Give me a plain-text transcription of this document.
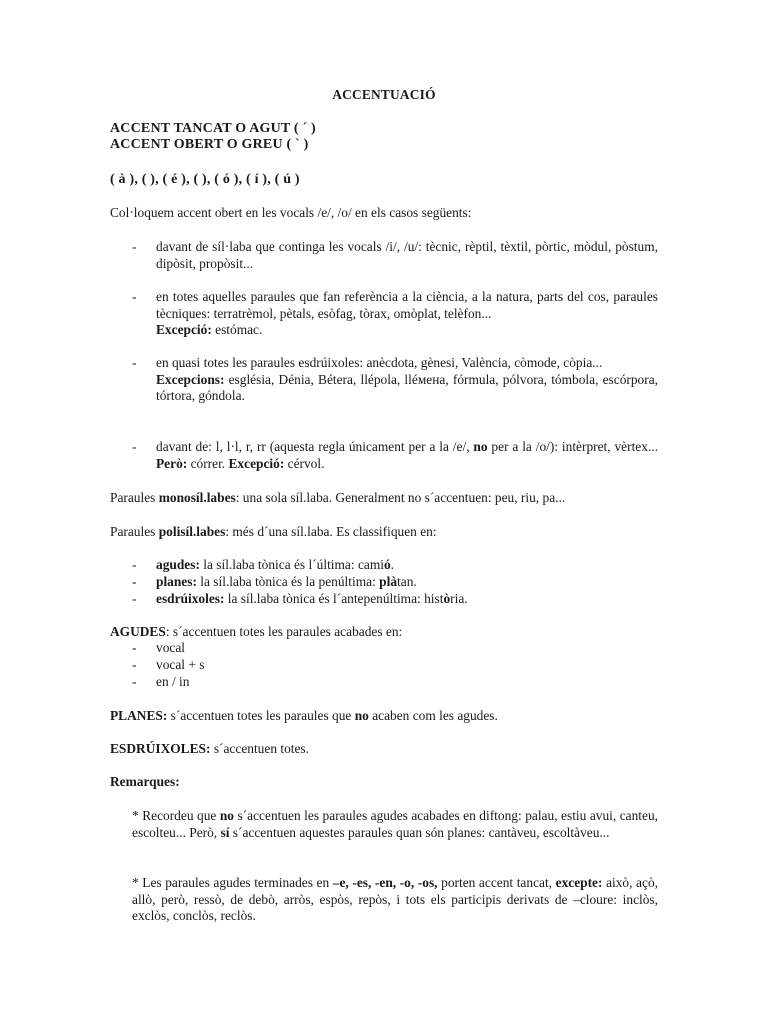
ACCENTUACIÓ

ACCENT TANCAT O AGUT ( ´ )

ACCENT OBERT O GREU ( ` )

( à ), ( ), ( é ), ( ), ( ó ), ( í ), ( ú )

Col·loquem accent obert en les vocals /e/, /o/ en els casos següents:

- davant de síl·laba que continga les vocals /i/, /u/: tècnic, rèptil, tèxtil, pòrtic, mòdul, pòstum, dipòsit, propòsit...
- en totes aquelles paraules que fan referència a la ciència, a la natura, parts del cos, paraules tècniques: terratrèmol, pètals, esòfag, tòrax, omòplat, telèfon...
Excepció: estómac.
- en quasi totes les paraules esdrúixoles: anècdota, gènesi, València, còmode, còpia...
Excepcions: església, Dénia, Bétera, llépola, lléмена, fórmula, pólvora, tómbola, escórpora, tórtora, góndola.
- davant de: l, l·l, r, rr (aquesta regla únicament per a la /e/, no per a la /o/): intèrpret, vèrtex... Però: córrer. Excepció: cérvol.

Paraules monosíl.labes: una sola síl.laba. Generalment no s´accentuen: peu, riu, pa...

Paraules polisíl.labes: més d´una síl.laba. Es classifiquen en:

- agudes: la síl.laba tònica és l´última: camió.
- planes: la síl.laba tònica és la penúltima: plàtan.
- esdrúixoles: la síl.laba tònica és l´antepenúltima: història.

AGUDES: s´accentuen totes les paraules acabades en:

- vocal
- vocal + s
- en / in

PLANES: s´accentuen totes les paraules que no acaben com les agudes.

ESDRÚIXOLES: s´accentuen totes.

Remarques:

* Recordeu que no s´accentuen les paraules agudes acabades en diftong: palau, estiu avui, canteu, escolteu... Però, sí s´accentuen aquestes paraules quan són planes: cantàveu, escoltàveu...

* Les paraules agudes terminades en –e, -es, -en, -o, -os, porten accent tancat, excepte: això, açò, allò, però, ressò, de debò, arròs, espòs, repòs, i tots els participis derivats de –cloure: inclòs, exclòs, conclòs, reclòs.
